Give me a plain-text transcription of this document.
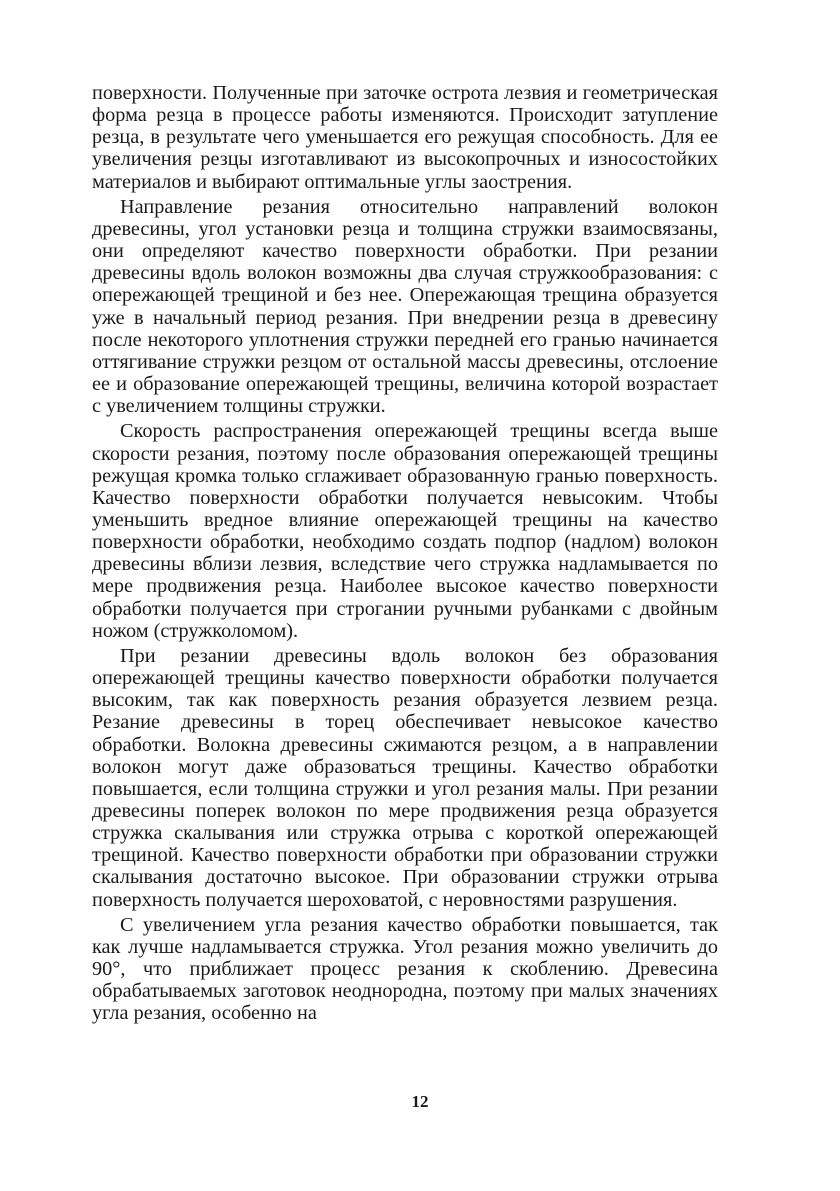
поверхности. Полученные при заточке острота лезвия и геометрическая форма резца в процессе работы изменяются. Происходит затупление резца, в результате чего уменьшается его режущая способность. Для ее увеличения резцы изготавливают из высокопрочных и износостойких материалов и выбирают оптимальные углы заострения.

Направление резания относительно направлений волокон древесины, угол установки резца и толщина стружки взаимосвязаны, они определяют качество поверхности обработки. При резании древесины вдоль волокон возможны два случая стружкообразования: с опережающей трещиной и без нее. Опережающая трещина образуется уже в начальный период резания. При внедрении резца в древесину после некоторого уплотнения стружки передней его гранью начинается оттягивание стружки резцом от остальной массы древесины, отслоение ее и образование опережающей трещины, величина которой возрастает с увеличением толщины стружки.

Скорость распространения опережающей трещины всегда выше скорости резания, поэтому после образования опережающей трещины режущая кромка только сглаживает образованную гранью поверхность. Качество поверхности обработки получается невысоким. Чтобы уменьшить вредное влияние опережающей трещины на качество поверхности обработки, необходимо создать подпор (надлом) волокон древесины вблизи лезвия, вследствие чего стружка надламывается по мере продвижения резца. Наиболее высокое качество поверхности обработки получается при строгании ручными рубанками с двойным ножом (стружколомом).

При резании древесины вдоль волокон без образования опережающей трещины качество поверхности обработки получается высоким, так как поверхность резания образуется лезвием резца. Резание древесины в торец обеспечивает невысокое качество обработки. Волокна древесины сжимаются резцом, а в направлении волокон могут даже образоваться трещины. Качество обработки повышается, если толщина стружки и угол резания малы. При резании древесины поперек волокон по мере продвижения резца образуется стружка скалывания или стружка отрыва с короткой опережающей трещиной. Качество поверхности обработки при образовании стружки скалывания достаточно высокое. При образовании стружки отрыва поверхность получается шероховатой, с неровностями разрушения.

С увеличением угла резания качество обработки повышается, так как лучше надламывается стружка. Угол резания можно увеличить до 90°, что приближает процесс резания к скоблению. Древесина обрабатываемых заготовок неоднородна, поэтому при малых значениях угла резания, особенно на

12
